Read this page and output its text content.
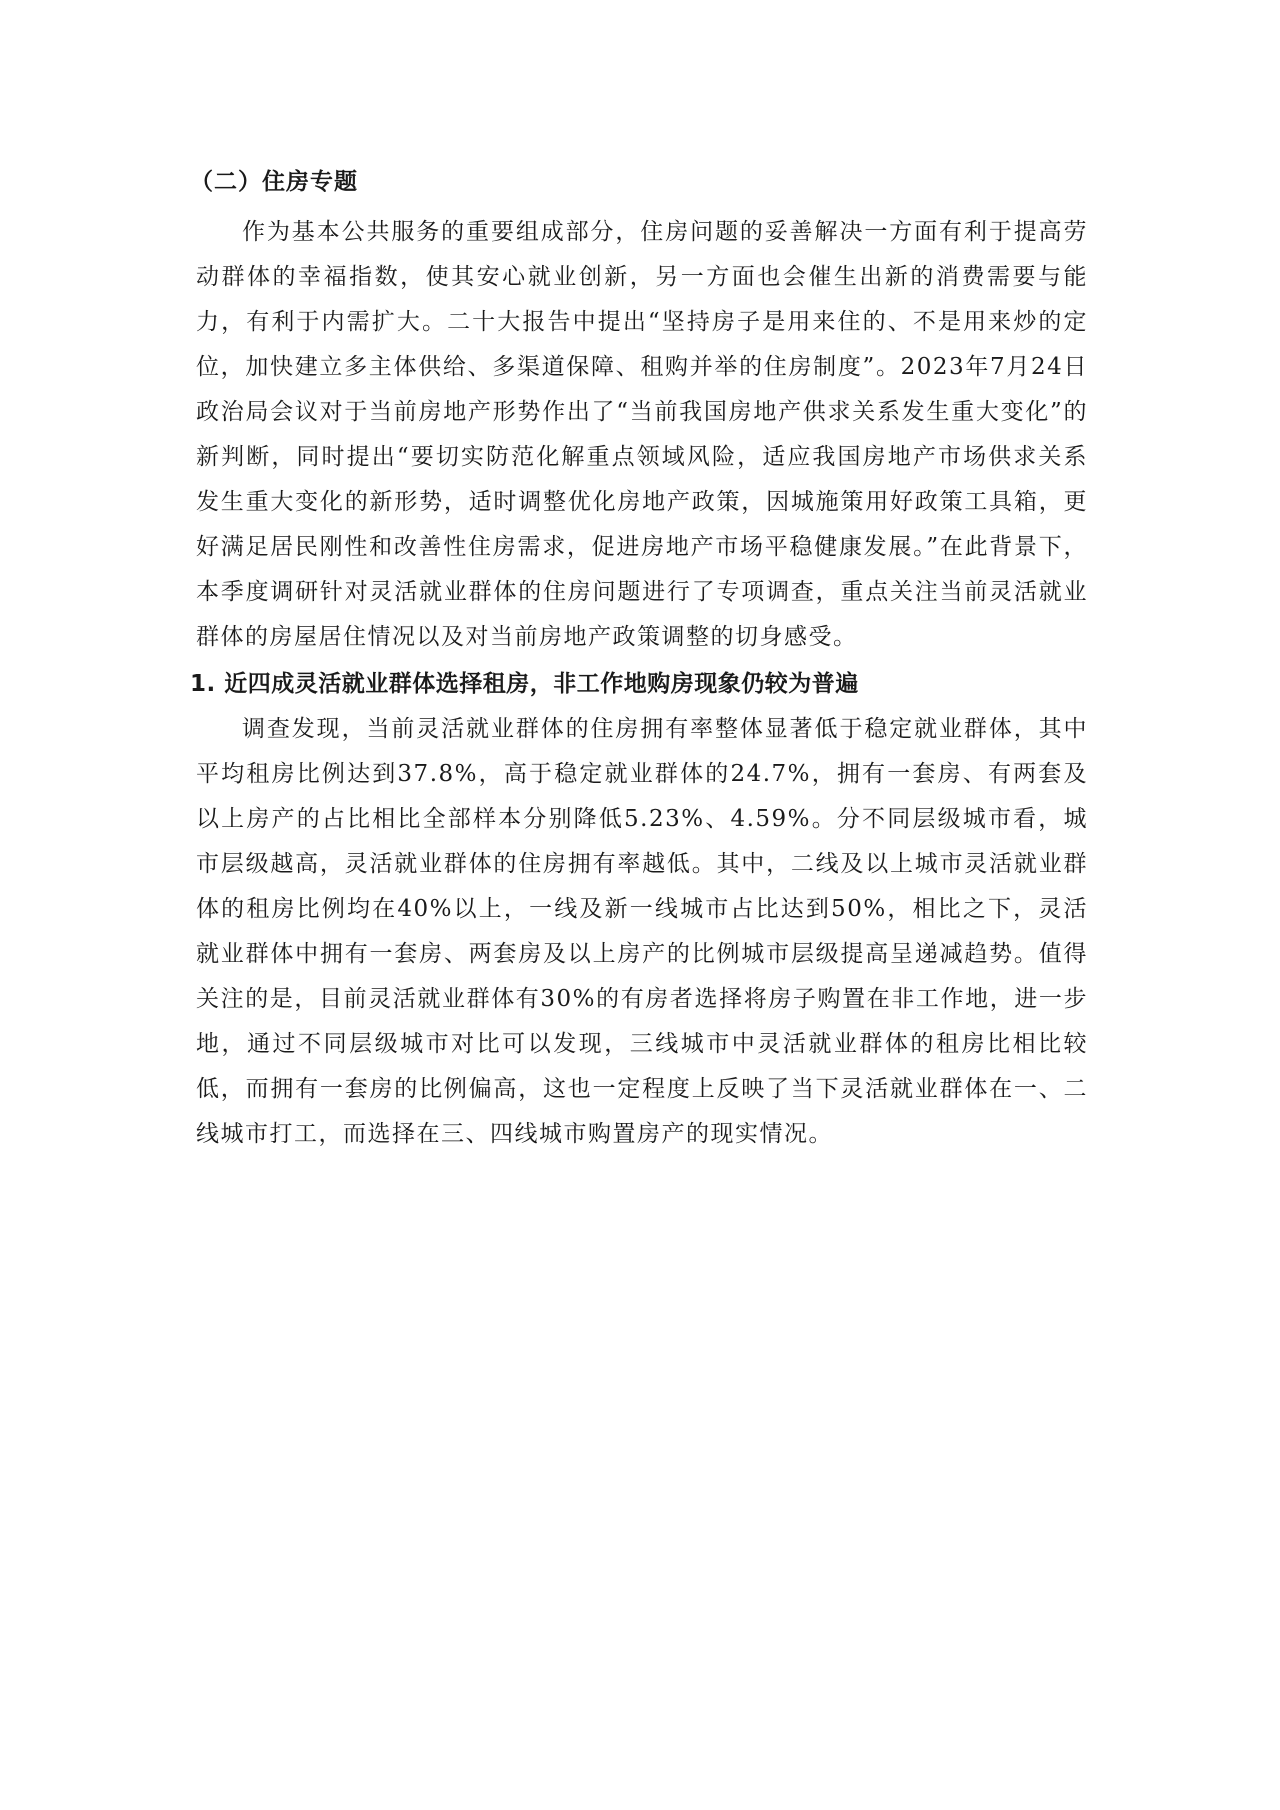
（二）住房专题

作为基本公共服务的重要组成部分，住房问题的妥善解决一方面有利于提高劳动群体的幸福指数，使其安心就业创新，另一方面也会催生出新的消费需要与能力，有利于内需扩大。二十大报告中提出“坚持房子是用来住的、不是用来炒的定位，加快建立多主体供给、多渠道保障、租购并举的住房制度”。2023年7月24日政治局会议对于当前房地产形势作出了“当前我国房地产供求关系发生重大变化”的新判断，同时提出“要切实防范化解重点领域风险，适应我国房地产市场供求关系发生重大变化的新形势，适时调整优化房地产政策，因城施策用好政策工具箱，更好满足居民刚性和改善性住房需求，促进房地产市场平稳健康发展。”在此背景下，本季度调研针对灵活就业群体的住房问题进行了专项调查，重点关注当前灵活就业群体的房屋居住情况以及对当前房地产政策调整的切身感受。

1. 近四成灵活就业群体选择租房，非工作地购房现象仍较为普遍

调查发现，当前灵活就业群体的住房拥有率整体显著低于稳定就业群体，其中平均租房比例达到37.8%，高于稳定就业群体的24.7%，拥有一套房、有两套及以上房产的占比相比全部样本分别降低5.23%、4.59%。分不同层级城市看，城市层级越高，灵活就业群体的住房拥有率越低。其中，二线及以上城市灵活就业群体的租房比例均在40%以上，一线及新一线城市占比达到50%，相比之下，灵活就业群体中拥有一套房、两套房及以上房产的比例城市层级提高呈递减趋势。值得关注的是，目前灵活就业群体有30%的有房者选择将房子购置在非工作地，进一步地，通过不同层级城市对比可以发现，三线城市中灵活就业群体的租房比相比较低，而拥有一套房的比例偏高，这也一定程度上反映了当下灵活就业群体在一、二线城市打工，而选择在三、四线城市购置房产的现实情况。
